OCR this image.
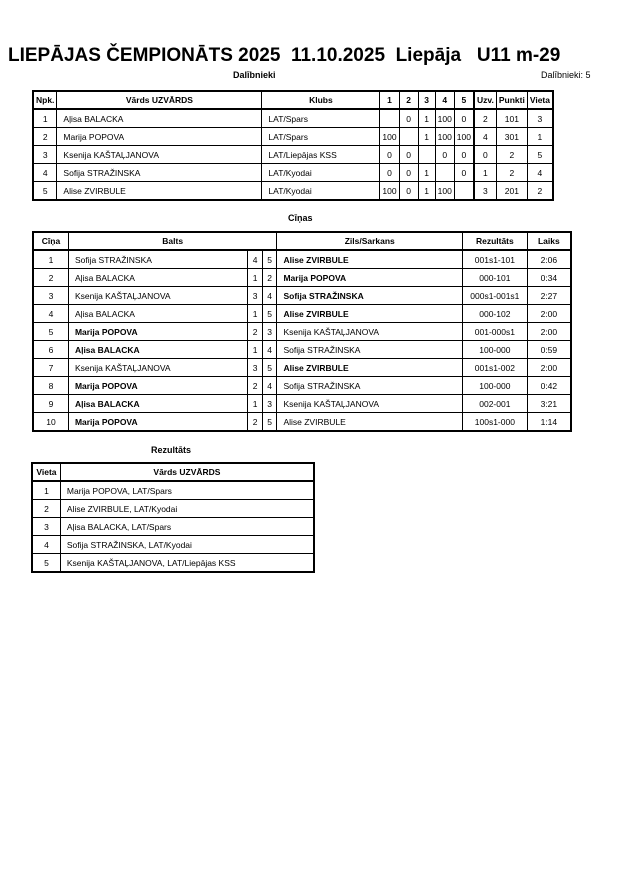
LIEPĀJAS ČEMPIONĀTS 2025  11.10.2025  Liepāja   U11 m-29
Dalībnieki	Dalībnieki: 5
Npk.	Vārds UZVĀRDS	Klubs	1	2	3	4	5	Uzv.	Punkti	Vieta
1	Aļisa BALACKA	LAT/Spars		0	1	100	0	2	101	3
2	Marija POPOVA	LAT/Spars	100		1	100	100	4	301	1
3	Ksenija KAŠTAĻJANOVA	LAT/Liepājas KSS	0	0		0	0	0	2	5
4	Sofija STRAŽINSKA	LAT/Kyodai	0	0	1		0	1	2	4
5	Alise ZVIRBULE	LAT/Kyodai	100	0	1	100		3	201	2
Cīņas
Cīņa	Balts			Zils/Sarkans	Rezultāts	Laiks
1	Sofija STRAŽINSKA	4	5	Alise ZVIRBULE	001s1-101	2:06
2	Aļisa BALACKA	1	2	Marija POPOVA	000-101	0:34
3	Ksenija KAŠTAĻJANOVA	3	4	Sofija STRAŽINSKA	000s1-001s1	2:27
4	Aļisa BALACKA	1	5	Alise ZVIRBULE	000-102	2:00
5	Marija POPOVA	2	3	Ksenija KAŠTAĻJANOVA	001-000s1	2:00
6	Aļisa BALACKA	1	4	Sofija STRAŽINSKA	100-000	0:59
7	Ksenija KAŠTAĻJANOVA	3	5	Alise ZVIRBULE	001s1-002	2:00
8	Marija POPOVA	2	4	Sofija STRAŽINSKA	100-000	0:42
9	Aļisa BALACKA	1	3	Ksenija KAŠTAĻJANOVA	002-001	3:21
10	Marija POPOVA	2	5	Alise ZVIRBULE	100s1-000	1:14
Rezultāts
Vieta	Vārds UZVĀRDS
1	Marija POPOVA, LAT/Spars
2	Alise ZVIRBULE, LAT/Kyodai
3	Aļisa BALACKA, LAT/Spars
4	Sofija STRAŽINSKA, LAT/Kyodai
5	Ksenija KAŠTAĻJANOVA, LAT/Liepājas KSS
